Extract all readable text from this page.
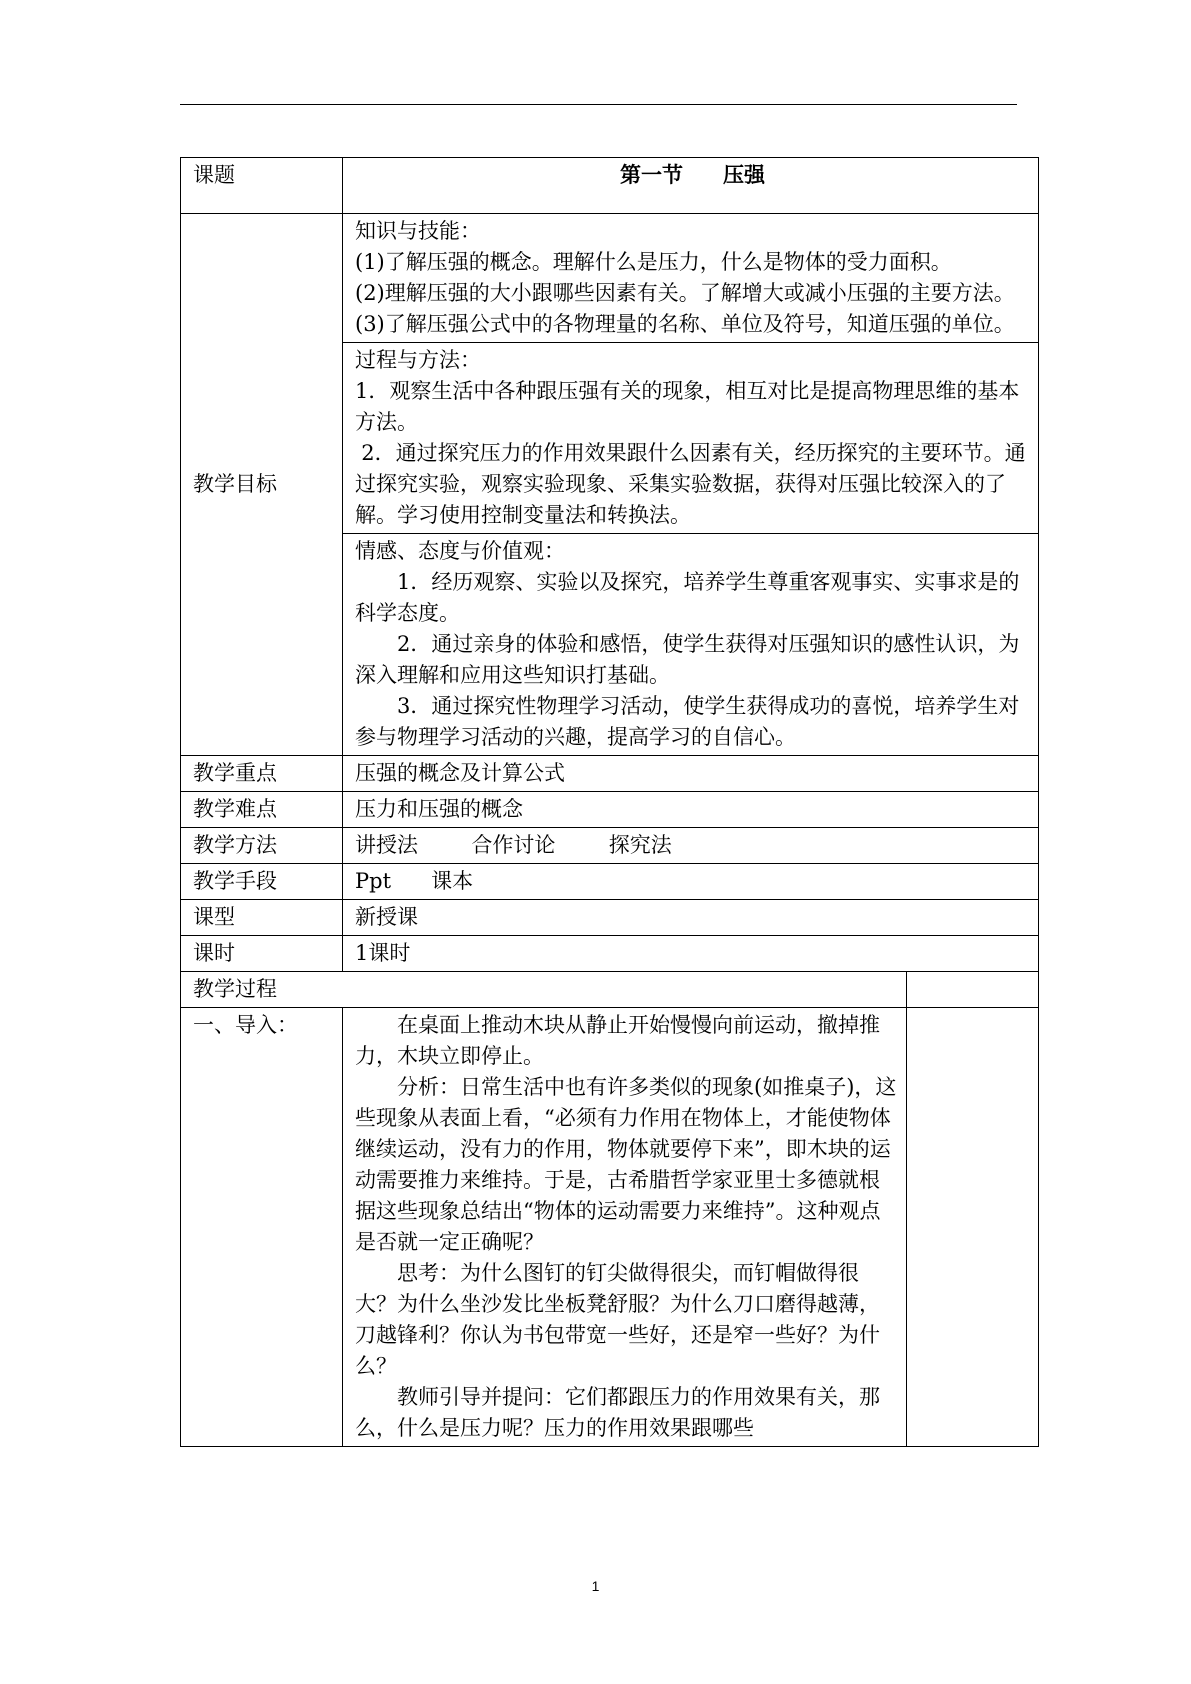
课题	第一节 压强	
教学目标	知识与技能：

(1)了解压强的概念。理解什么是压力，什么是物体的受力面积。

(2)理解压强的大小跟哪些因素有关。了解增大或减小压强的主要方法。

(3)了解压强公式中的各物理量的名称、单位及符号，知道压强的单位。	

	过程与方法：

1．观察生活中各种跟压强有关的现象，相互对比是提高物理思维的基本方法。

2．通过探究压力的作用效果跟什么因素有关，经历探究的主要环节。通过探究实验，观察实验现象、采集实验数据，获得对压强比较深入的了解。学习使用控制变量法和转换法。	

	情感、态度与价值观：

1．经历观察、实验以及探究，培养学生尊重客观事实、实事求是的科学态度。

2．通过亲身的体验和感悟，使学生获得对压强知识的感性认识，为深入理解和应用这些知识打基础。

3．通过探究性物理学习活动，使学生获得成功的喜悦，培养学生对参与物理学习活动的兴趣，提高学习的自信心。	

教学重点	压强的概念及计算公式	
教学难点	压力和压强的概念	
教学方法	讲授法        合作讨论        探究法	
教学手段	Ppt      课本	
课型	新授课	
课时	1课时	
教学过程		
一、导入：	在桌面上推动木块从静止开始慢慢向前运动，撤掉推力，木块立即停止。

分析：日常生活中也有许多类似的现象(如推桌子)，这些现象从表面上看，“必须有力作用在物体上，才能使物体继续运动，没有力的作用，物体就要停下来”，即木块的运动需要推力来维持。于是，古希腊哲学家亚里士多德就根据这些现象总结出“物体的运动需要力来维持”。这种观点是否就一定正确呢？

思考：为什么图钉的钉尖做得很尖，而钉帽做得很大？为什么坐沙发比坐板凳舒服？为什么刀口磨得越薄，刀越锋利？你认为书包带宽一些好，还是窄一些好？为什么？

教师引导并提问：它们都跟压力的作用效果有关，那么，什么是压力呢？压力的作用效果跟哪些	

1
